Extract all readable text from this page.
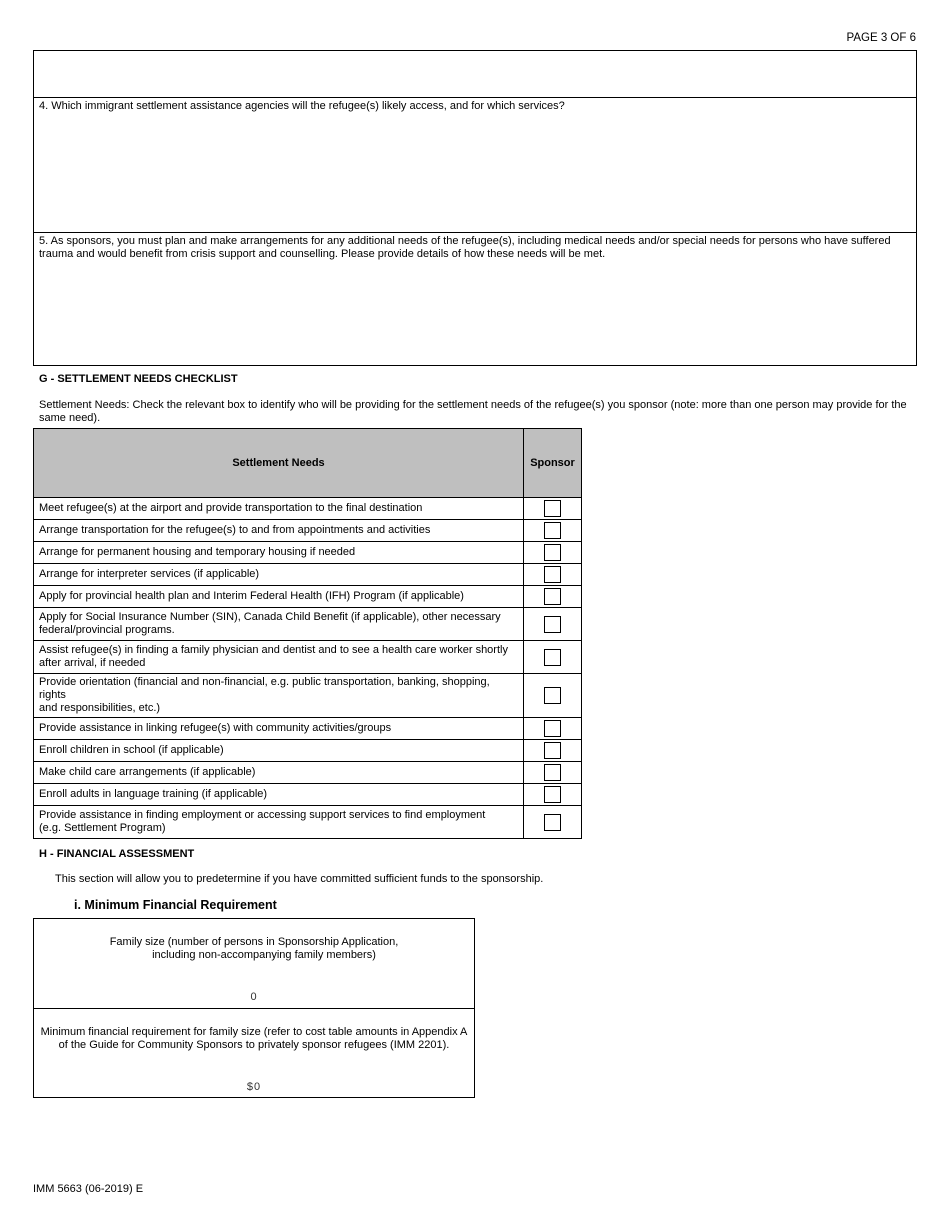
PAGE 3 OF 6
4. Which immigrant settlement assistance agencies will the refugee(s) likely access, and for which services?
5. As sponsors, you must plan and make arrangements for any additional needs of the refugee(s), including medical needs and/or special needs for persons who have suffered
trauma and would benefit from crisis support and counselling. Please provide details of how these needs will be met.
G - SETTLEMENT NEEDS CHECKLIST
Settlement Needs: Check the relevant box to identify who will be providing for the settlement needs of the refugee(s) you sponsor (note: more than one person may provide for the
same need).
Settlement Needs	Sponsor

Meet refugee(s) at the airport and provide transportation to the final destination	

Arrange transportation for the refugee(s) to and from appointments and activities	

Arrange for permanent housing and temporary housing if needed	

Arrange for interpreter services (if applicable)	

Apply for provincial health plan and Interim Federal Health (IFH) Program (if applicable)	

Apply for Social Insurance Number (SIN), Canada Child Benefit (if applicable), other necessary
federal/provincial programs.	

Assist refugee(s) in finding a family physician and dentist and to see a health care worker shortly
after arrival, if needed	

Provide orientation (financial and non-financial, e.g. public transportation, banking, shopping, rights
and responsibilities, etc.)	

Provide assistance in linking refugee(s) with community activities/groups	

Enroll children in school (if applicable)	

Make child care arrangements (if applicable)	

Enroll adults in language training (if applicable)	

Provide assistance in finding employment or accessing support services to find employment
(e.g. Settlement Program)	

H - FINANCIAL ASSESSMENT
This section will allow you to predetermine if you have committed sufficient funds to the sponsorship.
i. Minimum Financial Requirement
Family size (number of persons in Sponsorship Application,
including non-accompanying family members)
0
Minimum financial requirement for family size (refer to cost table amounts in Appendix A
of the Guide for Community Sponsors to privately sponsor refugees (IMM 2201).
$0
IMM 5663 (06-2019) E
